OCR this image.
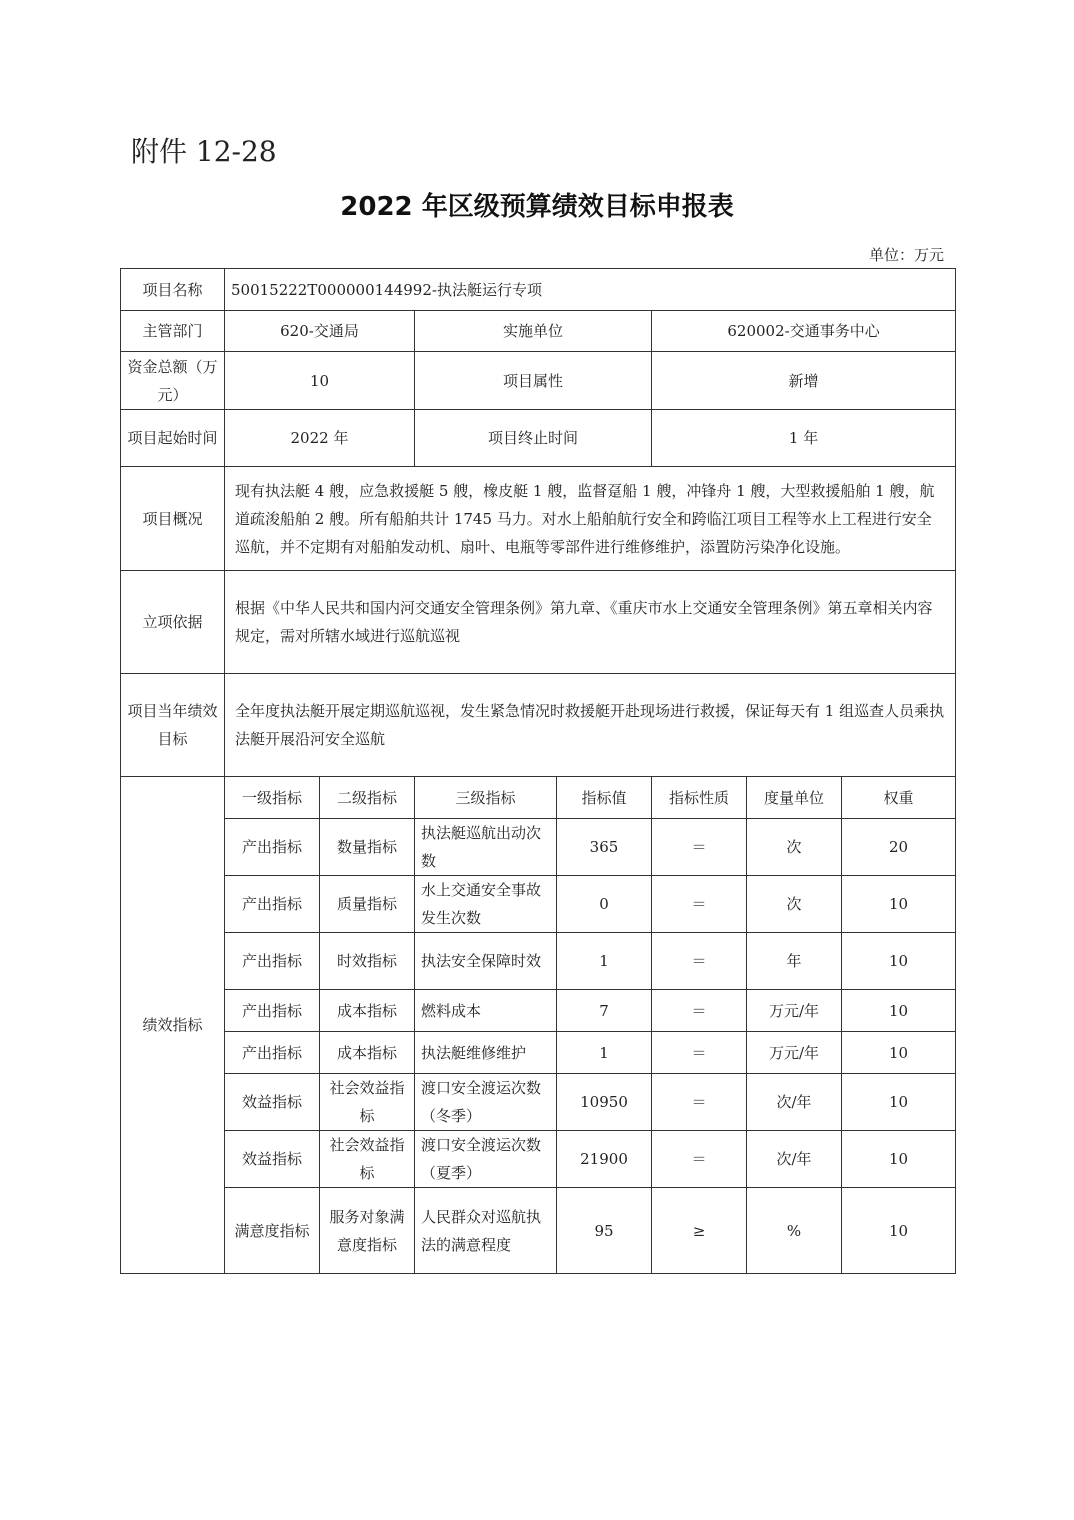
附件 12-28
2022 年区级预算绩效目标申报表
单位：万元
项目名称	50015222T000000144992-执法艇运行专项						
主管部门	620-交通局		实施单位		620002-交通事务中心		
资金总额（万元）	10		项目属性		新增		
项目起始时间	2022 年		项目终止时间		1 年		
项目概况	现有执法艇 4 艘，应急救援艇 5 艘，橡皮艇 1 艘，监督趸船 1 艘，冲锋舟 1 艘，大型救援船舶 1 艘，航道疏浚船舶 2 艘。所有船舶共计 1745 马力。对水上船舶航行安全和跨临江项目工程等水上工程进行安全巡航，并不定期有对船舶发动机、扇叶、电瓶等零部件进行维修维护，添置防污染净化设施。						
立项依据	根据《中华人民共和国内河交通安全管理条例》第九章、《重庆市水上交通安全管理条例》第五章相关内容规定，需对所辖水域进行巡航巡视						
项目当年绩效目标	全年度执法艇开展定期巡航巡视，发生紧急情况时救援艇开赴现场进行救援，保证每天有 1 组巡查人员乘执法艇开展沿河安全巡航						
绩效指标	一级指标	二级指标	三级指标	指标值	指标性质	度量单位	权重
	产出指标	数量指标	执法艇巡航出动次数	365	＝	次	20
	产出指标	质量指标	水上交通安全事故发生次数	0	＝	次	10
	产出指标	时效指标	执法安全保障时效	1	＝	年	10
	产出指标	成本指标	燃料成本	7	＝	万元/年	10
	产出指标	成本指标	执法艇维修维护	1	＝	万元/年	10
	效益指标	社会效益指标	渡口安全渡运次数（冬季）	10950	＝	次/年	10
	效益指标	社会效益指标	渡口安全渡运次数（夏季）	21900	＝	次/年	10
	满意度指标	服务对象满意度指标	人民群众对巡航执法的满意程度	95	≥	%	10
